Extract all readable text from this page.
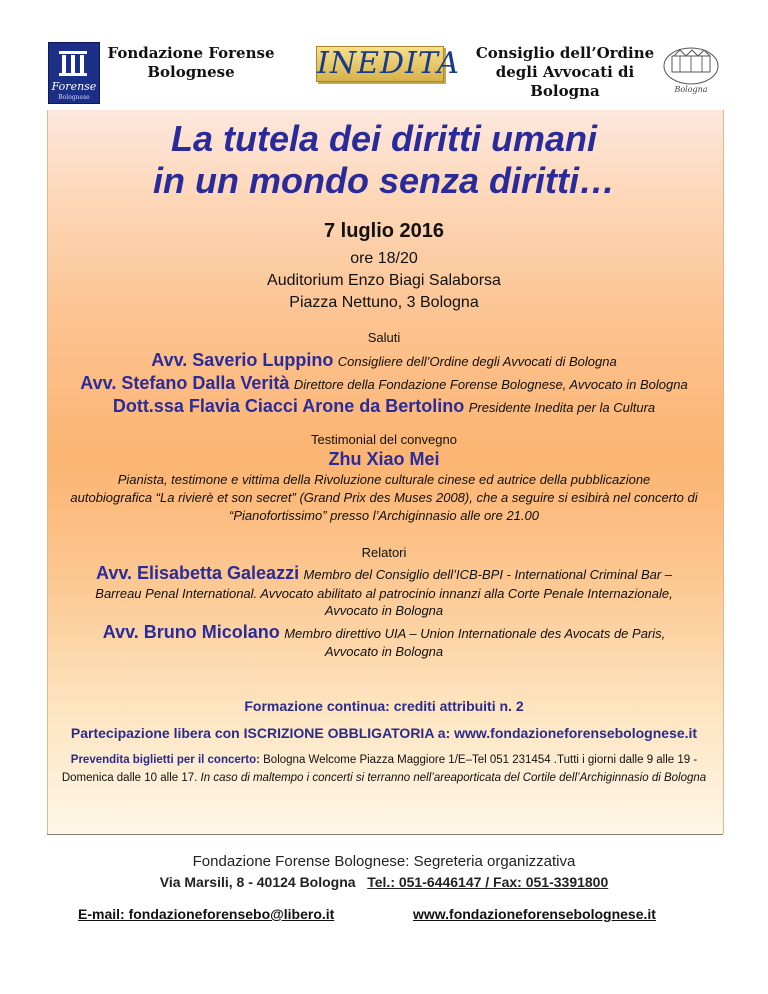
Forense
Bolognese
Fondazione Forense Bolognese	INEDITA	Consiglio dell’Ordine degli Avvocati di Bologna	Bologna
La tutela dei diritti umani
in un mondo senza diritti…
7 luglio 2016
ore 18/20
Auditorium Enzo Biagi Salaborsa
Piazza Nettuno, 3 Bologna
Saluti
Avv. Saverio Luppino Consigliere dell’Ordine degli Avvocati di Bologna
Avv. Stefano Dalla Verità Direttore della Fondazione Forense Bolognese, Avvocato in Bologna
Dott.ssa Flavia Ciacci Arone da Bertolino Presidente Inedita per la Cultura
Testimonial del convegno
Zhu Xiao Mei
Pianista, testimone e vittima della Rivoluzione culturale cinese ed autrice della pubblicazione
autobiografica “La rivierè et son secret” (Grand Prix des Muses 2008), che a seguire si esibirà nel concerto di
“Pianofortissimo” presso l’Archiginnasio alle ore 21.00
Relatori
Avv. Elisabetta Galeazzi Membro del Consiglio dell’ICB-BPI - International Criminal Bar –
Barreau Penal International. Avvocato abilitato al patrocinio innanzi alla Corte Penale Internazionale,
Avvocato in Bologna
Avv. Bruno Micolano Membro direttivo UIA – Union Internationale des Avocats de Paris,
Avvocato in Bologna
Formazione continua: crediti attribuiti n. 2
Partecipazione libera con ISCRIZIONE OBBLIGATORIA a: www.fondazioneforensebolognese.it
Prevendita biglietti per il concerto: Bologna Welcome Piazza Maggiore 1/E–Tel 051 231454 .Tutti i giorni dalle 9 alle 19 -
Domenica dalle 10 alle 17. In caso di maltempo i concerti si terranno nell’areaporticata del Cortile dell’Archiginnasio di Bologna
Fondazione Forense Bolognese: Segreteria organizzativa
Via Marsili, 8 - 40124 Bologna Tel.: 051-6446147 / Fax: 051-3391800
E-mail: fondazioneforensebo@libero.it	www.fondazioneforensebolognese.it
